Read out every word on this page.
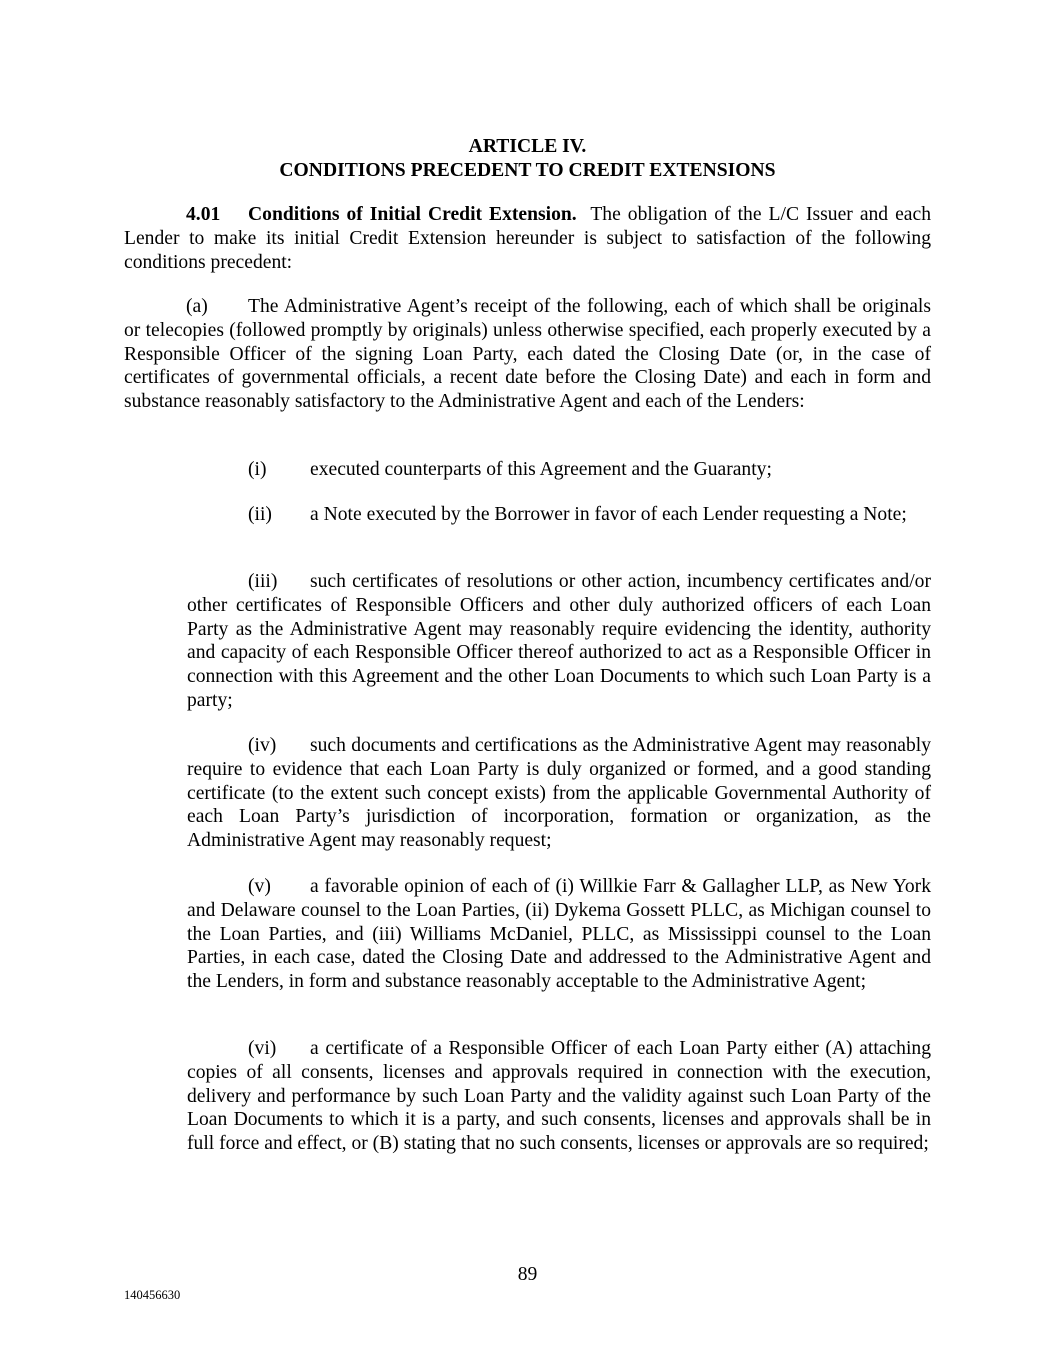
ARTICLE IV.
CONDITIONS PRECEDENT TO CREDIT EXTENSIONS
4.01 Conditions of Initial Credit Extension. The obligation of the L/C Issuer and each Lender to make its initial Credit Extension hereunder is subject to satisfaction of the following conditions precedent:
(a) The Administrative Agent’s receipt of the following, each of which shall be originals or telecopies (followed promptly by originals) unless otherwise specified, each properly executed by a Responsible Officer of the signing Loan Party, each dated the Closing Date (or, in the case of certificates of governmental officials, a recent date before the Closing Date) and each in form and substance reasonably satisfactory to the Administrative Agent and each of the Lenders:
(i) executed counterparts of this Agreement and the Guaranty;
(ii) a Note executed by the Borrower in favor of each Lender requesting a Note;
(iii) such certificates of resolutions or other action, incumbency certificates and/or other certificates of Responsible Officers and other duly authorized officers of each Loan Party as the Administrative Agent may reasonably require evidencing the identity, authority and capacity of each Responsible Officer thereof authorized to act as a Responsible Officer in connection with this Agreement and the other Loan Documents to which such Loan Party is a party;
(iv) such documents and certifications as the Administrative Agent may reasonably require to evidence that each Loan Party is duly organized or formed, and a good standing certificate (to the extent such concept exists) from the applicable Governmental Authority of each Loan Party’s jurisdiction of incorporation, formation or organization, as the Administrative Agent may reasonably request;
(v) a favorable opinion of each of (i) Willkie Farr & Gallagher LLP, as New York and Delaware counsel to the Loan Parties, (ii) Dykema Gossett PLLC, as Michigan counsel to the Loan Parties, and (iii) Williams McDaniel, PLLC, as Mississippi counsel to the Loan Parties, in each case, dated the Closing Date and addressed to the Administrative Agent and the Lenders, in form and substance reasonably acceptable to the Administrative Agent;
(vi) a certificate of a Responsible Officer of each Loan Party either (A) attaching copies of all consents, licenses and approvals required in connection with the execution, delivery and performance by such Loan Party and the validity against such Loan Party of the Loan Documents to which it is a party, and such consents, licenses and approvals shall be in full force and effect, or (B) stating that no such consents, licenses or approvals are so required;
89
140456630
